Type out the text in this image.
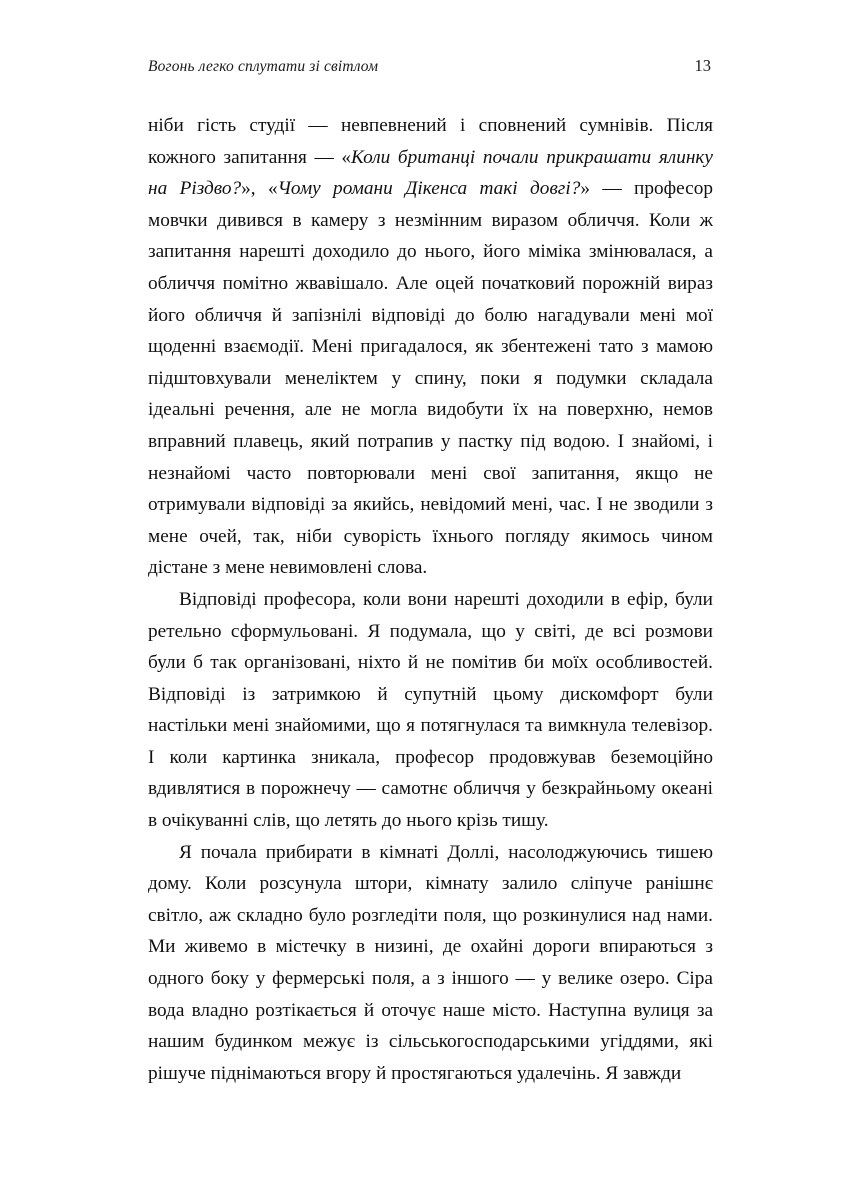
Вогонь легко сплутати зі світлом	13

ніби гість студії — невпевнений і сповнений сумнівів. Після кожного запитання — «Коли британці почали прикрашати ялинку на Різдво?», «Чому романи Дікенса такі довгі?» — професор мовчки дивився в камеру з незмінним виразом обличчя. Коли ж запитання нарешті доходило до нього, його міміка змінювалася, а обличчя помітно жвавішало. Але оцей початковий порожній вираз його обличчя й запізнілі відповіді до болю нагадували мені мої щоденні взаємодії. Мені пригадалося, як збентежені тато з мамою підштовхували менеліктем у спину, поки я подумки складала ідеальні речення, але не могла видобути їх на поверхню, немов вправний плавець, який потрапив у пастку під водою. І знайомі, і незнайомі часто повторювали мені свої запитання, якщо не отримували відповіді за якийсь, невідомий мені, час. І не зводили з мене очей, так, ніби суворість їхнього погляду якимось чином дістане з мене невимовлені слова.

Відповіді професора, коли вони нарешті доходили в ефір, були ретельно сформульовані. Я подумала, що у світі, де всі розмови були б так організовані, ніхто й не помітив би моїх особливостей. Відповіді із затримкою й супутній цьому дискомфорт були настільки мені знайомими, що я потягнулася та вимкнула телевізор. І коли картинка зникала, професор продовжував беземоційно вдивлятися в порожнечу — самотнє обличчя у безкрайньому океані в очікуванні слів, що летять до нього крізь тишу.

Я почала прибирати в кімнаті Доллі, насолоджуючись тишею дому. Коли розсунула штори, кімнату залило сліпуче ранішнє світло, аж складно було розгледіти поля, що розкинулися над нами. Ми живемо в містечку в низині, де охайні дороги впираються з одного боку у фермерські поля, а з іншого — у велике озеро. Сіра вода владно розтікається й оточує наше місто. Наступна вулиця за нашим будинком межує із сільськогосподарськими угіддями, які рішуче піднімаються вгору й простягаються удалечінь. Я завжди
